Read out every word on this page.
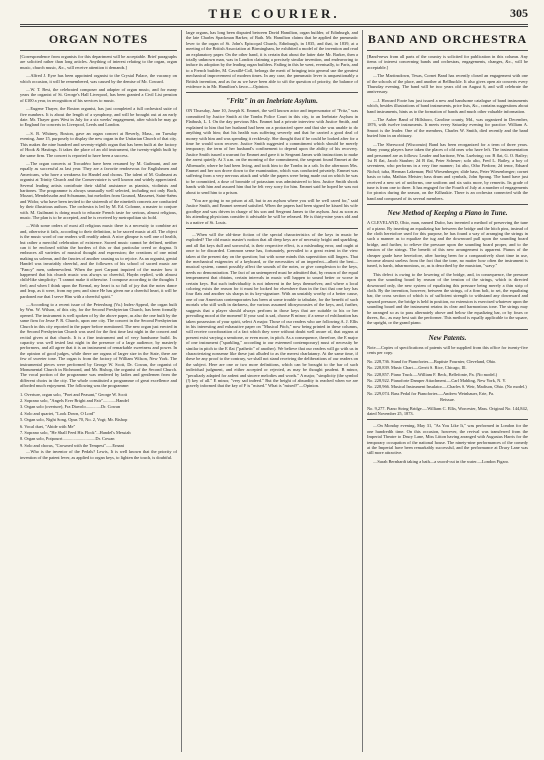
THE COURIER.	305
ORGAN NOTES

[Correspondence from organists for this department will be acceptable. Brief paragraphs are solicited rather than long articles. Anything of interest relating to the organ, organ music, church music, &c., will receive attention it demands.]

....Alfred J. Eyre has been appointed organist to the Crystal Palace, the vacancy on which occasion, it will be remembered, was caused by the demise of Mr. Coward.

....W. T. Best, the celebrated composer and adapter of organ music, and for many years the organist of St. George's Hall Liverpool, has been granted a Civil List pension of £100 a year, in recognition of his services to music.

....Eugene Thayer, the Boston organist, has just completed a full orchestral suite of five numbers. It is about the length of a symphony, and will be brought out at an early date. Mr. Thayer goes West in July for a six weeks' engagement, after which he may go to England for concerts in Liverpool, Leeds and London.

....S. B. Whitney, Boston, gave an organ concert at Beverly, Mass., on Tuesday evening, June 15, purposely to display the new organ in the Unitarian Church of that city. This makes the nine hundred and seventy-eighth organ that has been built at the factory of Hook & Hastings. It takes the place of an old instrument, the twenty-eighth built by the same firm. The concert is reported to have been a success.

....The organ concerts at Trocadéro have been resumed by M. Guilmant, and are equally as successful as last year. They are a favorite rendezvous for Englishmen and Americans, who have a weakness for Handel and chorus. The talent of M. Guilmant as organist at Trinity Church and the Conservatoire is well known and widely appreciated. Several leading artists contribute their skilful assistance as pianists, violinists and baritones. The programme is always unusually well selected, including not only Bach, Mozart, Mendelssohn and Schumann, but melodies from Gounod, Massenet, Saint-Saëns and Widor, who have been invited to the sixteenth of the ninetieth concerts are conducted by their illustrious authors. The orchestra is led by M. Ed. Colonne, a master to conjure with. M. Guilmant is doing much to educate French taste for serious, almost religious, music. The plan is to be accepted, and he is received by metropolitan sic bold.

....With some orders of most all religious music there is a necessity to combine art and, otherwise it fails, according to their definition, to be sacred music at all. The object is the music word of our readers will readily admit. A nice glimpse is well one of health, but rather a merciful celebration of existence. Sacred music cannot be defined, neither can it be enclosed within the borders of this or that particular creed or dogma. It embraces all varieties of musical thought and expression; the creations of one mind making us solemn, and the fancies of another causing us to rejoice. As an organist, genial Handel was invariably cheerful, and the followers of his school of sacred music are "Fancy" men, unbenevolent. When the poet Carpani inquired of the master how it happened that his church music was always so cheerful, Haydn replied, with almost child-like simplicity: "I cannot make it otherwise. I compose according to the thoughts I feel; and when I think upon the Eternal, my heart is so full of joy that the notes dance and leap, as it were, from my pen; and since He has given me a cheerful heart, it will be pardoned me that I serve Him with a cheerful spirit."

....According to a recent issue of the Petersburg (Va.) Index-Appeal, the organ built by Wm. W. Wilson, of this city, for the Second Presbyterian Church, has been formally opened. The instrument is well spoken of by the above paper, as also the one built by the same firm for Jesse P. R. Church, upon one city. The concert in the Second Presbyterian Church in this city reported in the paper before mentioned. The new organ just erected in the Second Presbyterian Church was used for the first time last night in the concert and recital given at that church. It is a fine instrument and of very handsome build. Its capacity was well tested last night in the presence of a large audience, by masterly performers, and all agree that it is an instrument of remarkable sweetness and power. In the opinion of good judges, while there are organs of larger size in the State, there are few of sweeter tone. The organ is from the factory of William Wilson, New York. The instrumental pieces were performed by George W. Scott, Dr. Cowan, the organist of Monumental Church in Richmond, and Mr. Bishop, the organist of the Second Church. The vocal portion of the programme was rendered by ladies and gentlemen from the different choirs in the city. The whole constituted a programme of great excellence and afforded much enjoyment. The following was the programme:

1. Overture, organ solo, "Poet and Peasant," George W. Scott

2. Soprano solo, "Angels Ever Bright and Fair"............Handel

3. Organ solo (overture), Fra Diavolo..............Dr. Cowan

4. Solo and quartet, "Look Down, O Lord"

5. Organ solo, Night Song, Opus 70, No. 2, Vogt; Mr. Bishop

6. Vocal duet, "Abide with Me"

7. Soprano solo, "He Shall Feed His Flock"...Handel's Messiah

8. Organ solo, Potpourri..............................Dr. Cowan

9. Solo and chorus, "Crowned with the Tempest"......Ernani

....Who is the inventor of the Pedals? Lewis, It is well known that the priority of invention of the patent lever, as applied to organ keys, to lighten the touch, is doubtful.

large organs, has long been disputed between David Hamilton, organ builder, of Edinburgh, and the late Charles Spackman Barker, of Bath. Mr. Hamilton claims that he applied the pneumatic lever to the organ of St. John's Episcopal Church, Edinburgh, in 1835, and that, in 1839, at a meeting of the British Association at Birmingham, he exhibited a model of the invention and read an explanatory paper. On the other hand, it is certain that about the latter date Mr. Barker, then a totally unknown man, was in London claiming a precisely similar invention, and endeavoring to induce its adoption by the leading organ builders. Failing in this he went, eventually, to Paris, and to a French builder, M. Cavaillé-Coll, belongs the merit of bringing into general use the greatest mechanical improvement of modern times. In any case, the pneumatic lever is unquestionably a British invention, and as far as we have been able to sift the question of priority, the balance of evidence is in Mr. Hamilton's favor.—Opinion.

"Fritz" in an Inebriate Asylum.

ON Thursday, June 10, Joseph K. Emmet, the well known actor and impersonator of "Fritz," was committed by Justice Smith at the Tombs Police Court in this city, to an Inebriate Asylum in Flatbush, L. I. On the day previous Mrs. Emmet had a private interview with Justice Smith, and explained to him that her husband had been on a protracted spree and that she was unable to do anything with him; that his health was suffering severely and that he carried a good deal of money with him and was spending it recklessly. She thought that if he could be looked after for a time he would soon recover. Justice Smith suggested a commitment which should be merely temporary; the term of her husband's confinement to depend upon the ability of his recovery. Justice Smith issued a warrant for Emmet and gave it to Sergeant James with instructions to make the arrest quietly. At 3 a.m. on the morning of the commitment, the sergeant found Emmet at the Albemarle, where he had been living, and took him to the Tombs in a cab. In the afternoon Mrs. Emmet and her son drove down to the examination, which was conducted privately. Emmet was suffering from a very nervous attack and while the papers were being made out on which he was to be committed, a dose of bromide of potassium was administered to him. Justice Smith shook hands with him and assured him that he felt very sorry for him. Emmet said he hoped he was not about to send him to a prison.

"You are going to no prison at all, but to an asylum where you will be well cared for," said Justice Smith, and Emmet seemed satisfied. When the papers had been signed he kissed his wife goodbye and was driven in charge of his son and Sergeant James to the asylum. Just as soon as his attending physicians consider it advisable he will be released. He is thirty-nine years old and is a native of St. Louis.

....When will the old-time fiction of the special characteristics of the keys in music be exploded? The old music master's notion that all deep keys are of necessity bright and sparkling, and all flat keys dull and sorrowful, is their respective effect, is a misleading error, and ought at once to be discarded. Common sense has, fortunately, prevailed to a great extent in the view taken at the present day on the question; but with some minds this superstition still lingers. That the mechanical exigencies of a keyboard, or the necessities of an imperfect—albeit the best—musical system, cannot possibly affect the sounds of the notes, or give complexion to the keys, needs no demonstration. The fact of an untempered must be admitted that, by reason of the equal temperament that obtains, certain intervals in music will happen to sound better or worse in certain keys. But such individuality is not inherent in the keys themselves; and where a local coloring exists the reason for it must be looked for elsewhere than in the fact that one key has four flats and another six sharps in its key-signature. With an unstably worthy of a better cause, one of our American contemporaries has been at some trouble to tabulate, for the benefit of such mortals who still walk in darkness, the various assumed idiosyncrasies of the keys, and, further, suggests that a player should always perform in those keys that are suitable to his or her prevailing mood at the moment! If your soul is sad, choose B minor; if a sense of exhilaration has taken possession of your spirit, select A major. Those of our readers who are following A. J. Ellis in his interesting and exhaustive paper on "Musical Pitch," now being printed in these columns, will receive corroboration of a fact which they were without doubt well aware of, that organs at present exist varying a semitone, or even more, in pitch. As a consequence, therefore, the E major of one instrument ("sparkling," according to our esteemed contemporary) must of necessity be similar in pitch to the E flat ("pathetic" of another). We believe that our readers will go with us in characterizing nonsense like these just alluded to as the merest charlatanry. At the same time, if these be any proof to the contrary, we shall not stand receiving the deliberations of our readers on the subject. Here are one or two more definitions, which can be brought to the bar of such individual judgment, and either accepted or rejected, as may be thought prudent. B minor, "peculiarly adapted for ardent and sincere melodies and words." A major, "simplicity (the symbol (!) key of all." E minor, "very sad indeed." But the height of absurdity is reached when we are gravely informed that the key of F is "mixed." What is "mixed?"—Opinion.

BAND AND ORCHESTRA

[Band-news from all parts of the country is solicited for publication in this column. Any items of interest concerning bands and orchestras, engagements, changes, &c., will be acceptable.]

....The Martinsdown, Texas, Cornet Band has recently closed an engagement with one of the schools of the place, and another at Bellbuckle. It also gives open air concerts every Thursday evening. The band will be two years old on August 6, and will celebrate the anniversary.

....J. Howard Foote has just issued a new and handsome catalogue of band instruments which, besides illustrations of band instruments, price lists, &c., contains suggestions about band instruments, hints as to the formation of bands and much other valuable information.

....The Auber Band of Hillsboro, Caroline county, Md., was organized in December, 1876, with twelve instruments. It meets every Saturday evening for practice. William A. Smoot is the leader. One of the members, Charles W. Smith, died recently and the band buried him in an obituary.

....The Sherwood (Wisconsin) Band has been reorganized for a term of three years. Many young players have taken the places of old ones who have left. The instrumentation and personnel are as follows: Leader and baritone, Wm. Luehring; cor. B flat, G. O. Bailey; 1st B flat, Jacob Stauber; 2d B flat, Peter Scheuer; solo alto, Fred L. Bailey, a boy of seventeen, who performs in a very fine manner; 1st alto, Otho Fiedorn; 2d tenor, Eduard Nichol; tuba, Herman Lakeman; Phil Wiesenberger; slide bass, Peter Wiesenberger; cornet basis or tuba, Mathias Meister; bass drum and cymbals, John Sprang. The band have just received a new set of uniforms, one uniform and six suits more, by remerits. Its grade of tune is from one to three. It has engaged for the Fourth of July at a number of engagements for picnics during the season, on the Kilhaskie. There is an orchestra connected with the band and composed of its several members.

New Method of Keeping a Piano in Tune.

A CLEVELAND, Ohio, man, named Dufor, has invented a method of preserving the tune of a piano. By inserting an equalizing bar between the bridge and the hitch pins, instead of the cloth heretofore used for this purpose, he has found a way of arranging the strings in such a manner as to equalize the tug and the downward pull upon the sounding board bridge, and further, to relieve the pressure upon the sounding board proper, and to the tension of the strings. The benefit of this new arrangement is apparent. Pianos of the cheaper grade have heretofore, after having been for a comparatively short time in use, become almost useless from the fact that the tone, no matter how often the instrument is tuned, is harsh, inharmonious, or, as is described by the musician, "wavy."

This defect is owing to the lowering of the bridge, and, in consequence, the pressure upon the sounding board by reason of the tension of the strings, which is directed downward only, the new system of equalizing this pressure being merely a thin strip of cloth. By the invention, however, between the strings, of a firm bolt, to set, the equalizing bar, the cross section of which is of sufficient strength to withstand any downward and upward pressure, the bridge is held in position, no extension is exercised whatever upon the sounding board and the instrument retains its clear and harmonious tone. The strings may be arranged so as to pass alternately above and below the equalizing bar, or by fours or threes, &c., as may best suit the performer. This method is equally applicable to the square, the upright, or the grand piano.

New Patents.

Note.—Copies of specifications of patents will be supplied from this office for twenty-five cents per copy.

No. 228,736. Stand for Pianofortes.—Baptiste Fournier, Cleveland, Ohio.

No. 228,839. Music Chart.—Gerrit S. Rice, Chicago, Ill.

No. 228,857. Piano Truck.—William F. Beck, Bellefonte, Pa. (No model.)

No. 228,922. Pianoforte Damper Attachment.—Carl Mahling, New York, N. Y.

No. 228,966. Musical Instrument Insulator.—Charles S. Weir, Madison, Ohio. (No model.)

No. 229,074. Bass Pedal for Pianofortes.—Andrew Weinhauer, Erie, Pa.

Reissue.

No. 9,277. Piano String Bridge.—William C. Ellis, Worcester, Mass. Original No. 144,842, dated November 25, 1873.

....On Monday evening, May 31, "As You Like It," was performed in London for the one hundredth time. On this occasion, however, the revival was transferred from the Imperial Theatre to Drury Lane, Miss Litton having arranged with Augustus Harris for the temporary occupation of the national house. The ninety-nine performances of the comedy at the Imperial have been remarkably successful, and the performance at Drury Lane was still more attractive.

....Sarah Bernhardt taking a bath—a sword-cut in the water.—London Figaro.
